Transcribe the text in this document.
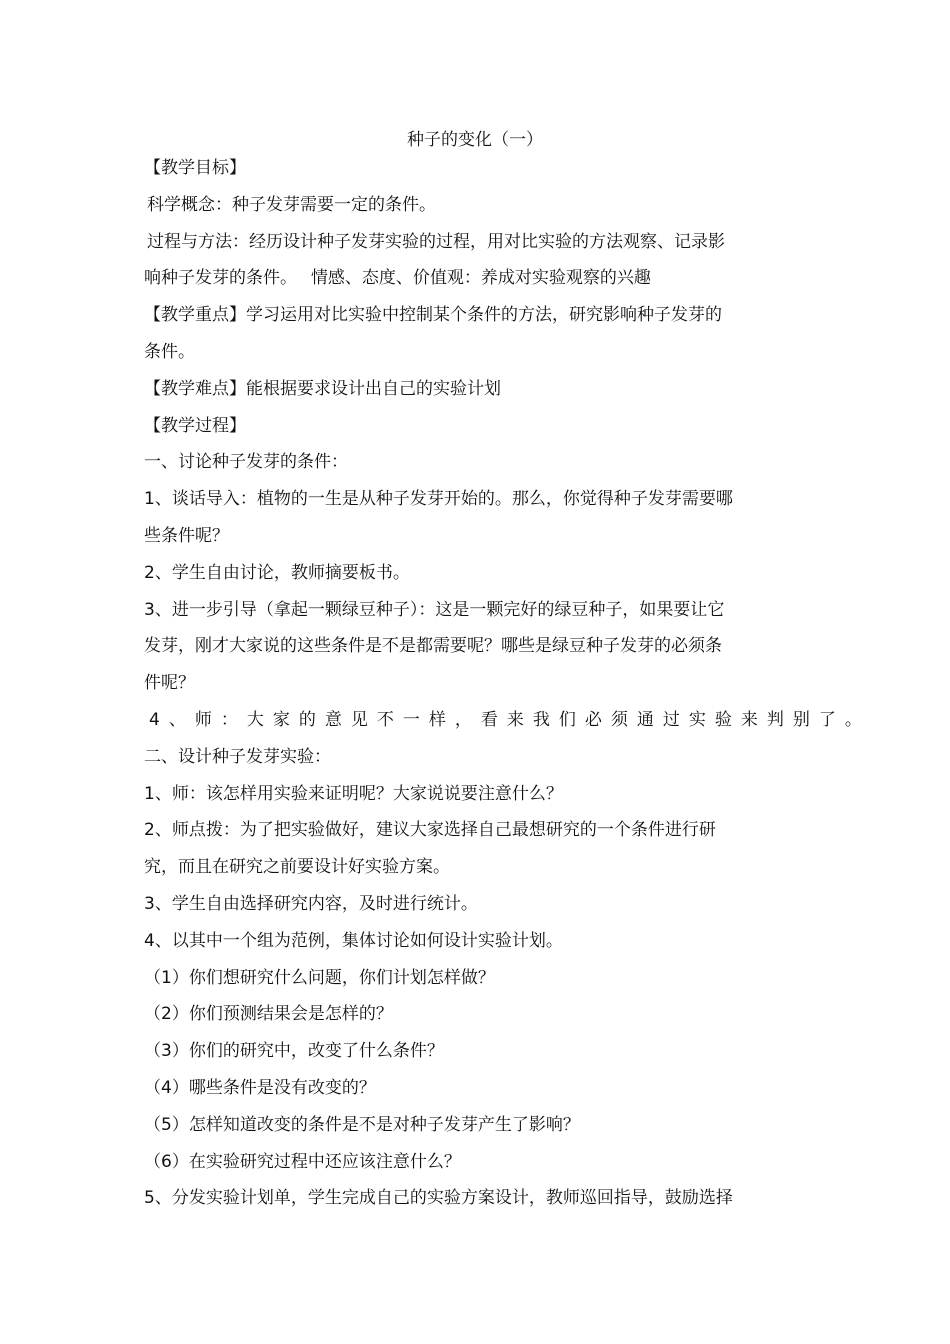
种子的变化（一）
【教学目标】
科学概念：种子发芽需要一定的条件。
过程与方法：经历设计种子发芽实验的过程，用对比实验的方法观察、记录影
响种子发芽的条件。　 情感、态度、价值观：养成对实验观察的兴趣
【教学重点】学习运用对比实验中控制某个条件的方法，研究影响种子发芽的
条件。
【教学难点】能根据要求设计出自己的实验计划
【教学过程】
一、讨论种子发芽的条件：
1、谈话导入：植物的一生是从种子发芽开始的。那么，你觉得种子发芽需要哪
些条件呢？
2、学生自由讨论，教师摘要板书。
3、进一步引导（拿起一颗绿豆种子）：这是一颗完好的绿豆种子，如果要让它
发芽，刚才大家说的这些条件是不是都需要呢？哪些是绿豆种子发芽的必须条
件呢？
4、师：大家的意见不一样，看来我们必须通过实验来判别了。
二、设计种子发芽实验：
1、师：该怎样用实验来证明呢？大家说说要注意什么？
2、师点拨：为了把实验做好，建议大家选择自己最想研究的一个条件进行研
究，而且在研究之前要设计好实验方案。
3、学生自由选择研究内容，及时进行统计。
4、以其中一个组为范例，集体讨论如何设计实验计划。
（1）你们想研究什么问题，你们计划怎样做？
（2）你们预测结果会是怎样的？
（3）你们的研究中，改变了什么条件？
（4）哪些条件是没有改变的？
（5）怎样知道改变的条件是不是对种子发芽产生了影响？
（6）在实验研究过程中还应该注意什么？
5、分发实验计划单，学生完成自己的实验方案设计，教师巡回指导，鼓励选择
